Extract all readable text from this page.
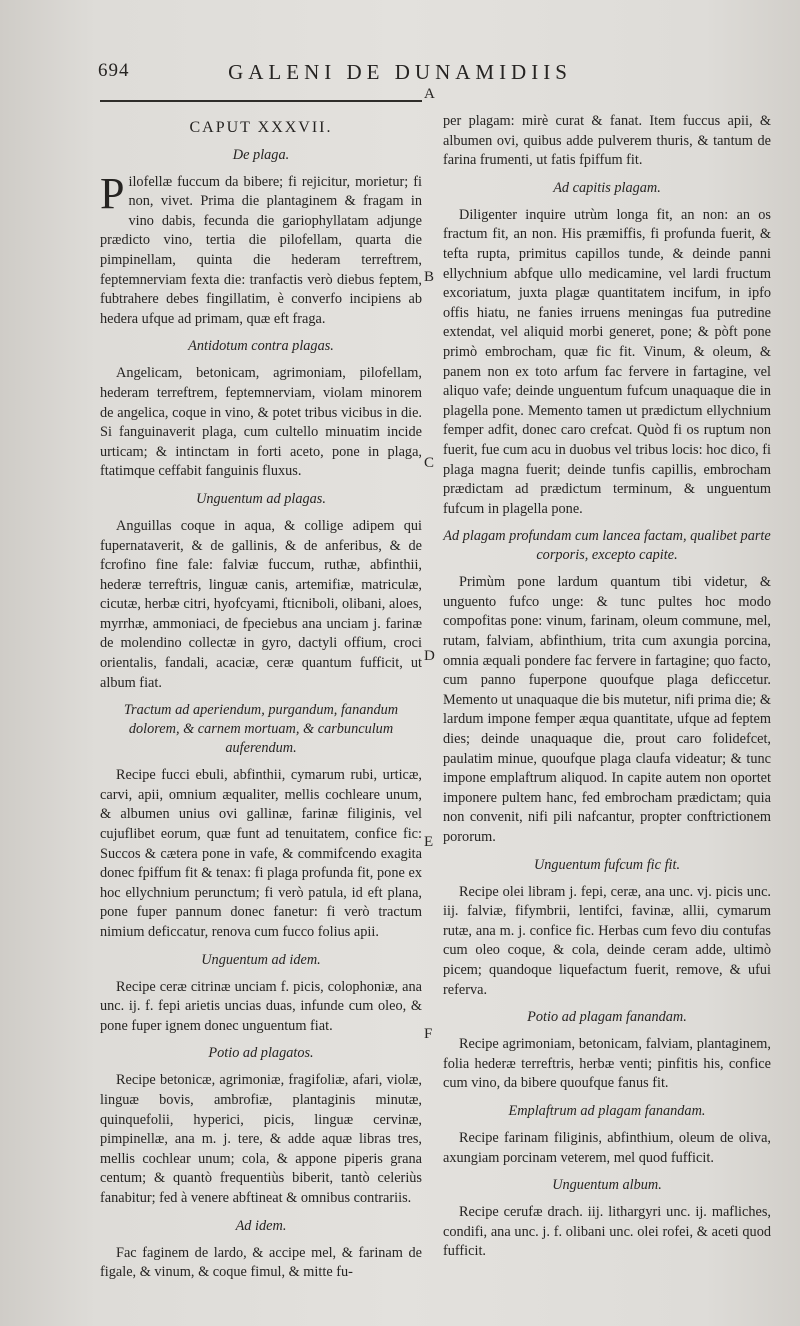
694	GALENI DE DUNAMIDIIS
A
B
C
D
E
F
CAPUT XXXVII.
De plaga.

Pilofellæ fuccum da bibere; fi rejicitur, morietur; fi non, vivet. Prima die plantaginem & fragam in vino dabis, fecunda die gariophyllatam adjunge prædicto vino, tertia die pilofellam, quarta die pimpinellam, quinta die hederam terreftrem, feptemnerviam fexta die: tranfactis verò diebus feptem, fubtrahere debes fingillatim, è converfo incipiens ab hedera ufque ad primam, quæ eft fraga.

Antidotum contra plagas.

Angelicam, betonicam, agrimoniam, pilofellam, hederam terreftrem, feptemnerviam, violam minorem de angelica, coque in vino, & potet tribus vicibus in die. Si fanguinaverit plaga, cum cultello minuatim incide urticam; & intinctam in forti aceto, pone in plaga, ftatimque ceffabit fanguinis fluxus.

Unguentum ad plagas.

Anguillas coque in aqua, & collige adipem qui fupernataverit, & de gallinis, & de anferibus, & de fcrofino fine fale: falviæ fuccum, ruthæ, abfinthii, hederæ terreftris, linguæ canis, artemifiæ, matriculæ, cicutæ, herbæ citri, hyofcyami, fticniboli, olibani, aloes, myrrhæ, ammoniaci, de fpeciebus ana unciam j. farinæ de molendino collectæ in gyro, dactyli offium, croci orientalis, fandali, acaciæ, ceræ quantum fufficit, ut album fiat.

Tractum ad aperiendum, purgandum, fanandum dolorem, & carnem mortuam, & carbunculum auferendum.

Recipe fucci ebuli, abfinthii, cymarum rubi, urticæ, carvi, apii, omnium æqualiter, mellis cochleare unum, & albumen unius ovi gallinæ, farinæ filiginis, vel cujuflibet eorum, quæ funt ad tenuitatem, confice fic: Succos & cætera pone in vafe, & commifcendo exagita donec fpiffum fit & tenax: fi plaga profunda fit, pone ex hoc ellychnium perunctum; fi verò patula, id eft plana, pone fuper pannum donec fanetur: fi verò tractum nimium deficcatur, renova cum fucco folius apii.

Unguentum ad idem.

Recipe ceræ citrinæ unciam f. picis, colophoniæ, ana unc. ij. f. fepi arietis uncias duas, infunde cum oleo, & pone fuper ignem donec unguentum fiat.

Potio ad plagatos.

Recipe betonicæ, agrimoniæ, fragifoliæ, afari, violæ, linguæ bovis, ambrofiæ, plantaginis minutæ, quinquefolii, hyperici, picis, linguæ cervinæ, pimpinellæ, ana m. j. tere, & adde aquæ libras tres, mellis cochlear unum; cola, & appone piperis grana centum; & quantò frequentiùs biberit, tantò celeriùs fanabitur; fed à venere abftineat & omnibus contrariis.

Ad idem.

Fac faginem de lardo, & accipe mel, & farinam de figale, & vinum, & coque fimul, & mitte fu-

per plagam: mirè curat & fanat. Item fuccus apii, & albumen ovi, quibus adde pulverem thuris, & tantum de farina frumenti, ut fatis fpiffum fit.

Ad capitis plagam.

Diligenter inquire utrùm longa fit, an non: an os fractum fit, an non. His præmiffis, fi profunda fuerit, & tefta rupta, primitus capillos tunde, & deinde panni ellychnium abfque ullo medicamine, vel lardi fructum excoriatum, juxta plagæ quantitatem incifum, in ipfo offis hiatu, ne fanies irruens meningas fua putredine extendat, vel aliquid morbi generet, pone; & pòft pone primò embrocham, quæ fic fit. Vinum, & oleum, & panem non ex toto arfum fac fervere in fartagine, vel aliquo vafe; deinde unguentum fufcum unaquaque die in plagella pone. Memento tamen ut prædictum ellychnium femper adfit, donec caro crefcat. Quòd fi os ruptum non fuerit, fue cum acu in duobus vel tribus locis: hoc dico, fi plaga magna fuerit; deinde tunfis capillis, embrocham prædictam ad prædictum terminum, & unguentum fufcum in plagella pone.

Ad plagam profundam cum lancea factam, qualibet parte corporis, excepto capite.

Primùm pone lardum quantum tibi videtur, & unguento fufco unge: & tunc pultes hoc modo compofitas pone: vinum, farinam, oleum commune, mel, rutam, falviam, abfinthium, trita cum axungia porcina, omnia æquali pondere fac fervere in fartagine; quo facto, cum panno fuperpone quoufque plaga deficcetur. Memento ut unaquaque die bis mutetur, nifi prima die; & lardum impone femper æqua quantitate, ufque ad feptem dies; deinde unaquaque die, prout caro folidefcet, paulatim minue, quoufque plaga claufa videatur; & tunc impone emplaftrum aliquod. In capite autem non oportet imponere pultem hanc, fed embrocham prædictam; quia non convenit, nifi pili nafcantur, propter conftrictionem pororum.

Unguentum fufcum fic fit.

Recipe olei libram j. fepi, ceræ, ana unc. vj. picis unc. iij. falviæ, fifymbrii, lentifci, favinæ, allii, cymarum rutæ, ana m. j. confice fic. Herbas cum fevo diu contufas cum oleo coque, & cola, deinde ceram adde, ultimò picem; quandoque liquefactum fuerit, remove, & ufui referva.

Potio ad plagam fanandam.

Recipe agrimoniam, betonicam, falviam, plantaginem, folia hederæ terreftris, herbæ venti; pinfitis his, confice cum vino, da bibere quoufque fanus fit.

Emplaftrum ad plagam fanandam.

Recipe farinam filiginis, abfinthium, oleum de oliva, axungiam porcinam veterem, mel quod fufficit.

Unguentum album.

Recipe cerufæ drach. iij. lithargyri unc. ij. mafliches, condifi, ana unc. j. f. olibani unc. olei rofei, & aceti quod fufficit.
